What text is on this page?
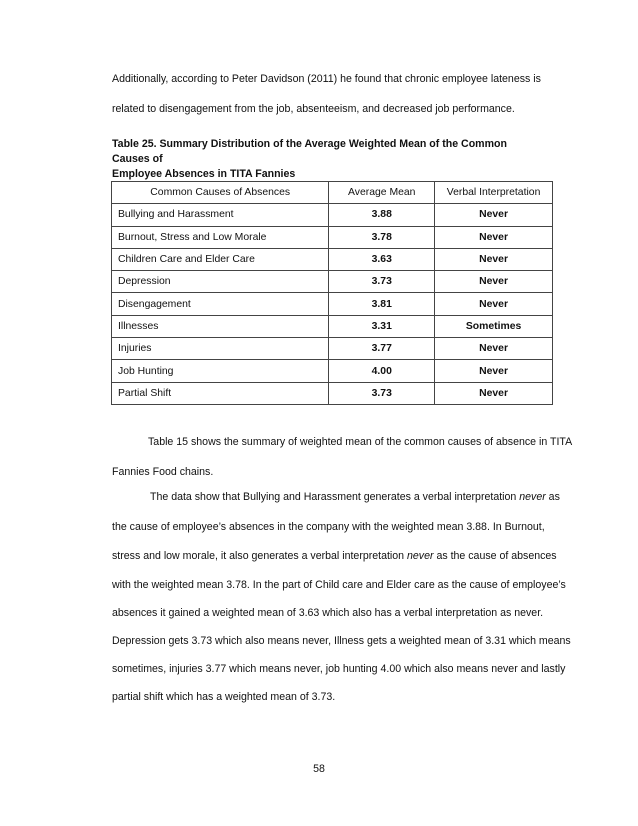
Additionally, according to Peter Davidson (2011) he found that chronic employee lateness is
related to disengagement from the job, absenteeism, and decreased job performance.
Table 25. Summary Distribution of the Average Weighted Mean of the Common Causes of
Employee Absences in TITA Fannies
Common Causes of Absences	Average Mean	Verbal Interpretation
Bullying and Harassment	3.88	Never
Burnout, Stress and Low Morale	3.78	Never
Children Care and Elder Care	3.63	Never
Depression	3.73	Never
Disengagement	3.81	Never
Illnesses	3.31	Sometimes
Injuries	3.77	Never
Job Hunting	4.00	Never
Partial Shift	3.73	Never
Table 15 shows the summary of weighted mean of the common causes of absence in TITA
Fannies Food chains.
The data show that Bullying and Harassment generates a verbal interpretation never as
the cause of employee’s absences in the company with the weighted mean 3.88. In Burnout,
stress and low morale, it also generates a verbal interpretation never as the cause of absences
with the weighted mean 3.78. In the part of Child care and Elder care as the cause of employee’s
absences it gained a weighted mean of 3.63 which also has a verbal interpretation as never.
Depression gets 3.73 which also means never, Illness gets a weighted mean of 3.31 which means
sometimes, injuries 3.77 which means never, job hunting 4.00 which also means never and lastly
partial shift which has a weighted mean of 3.73.
58
